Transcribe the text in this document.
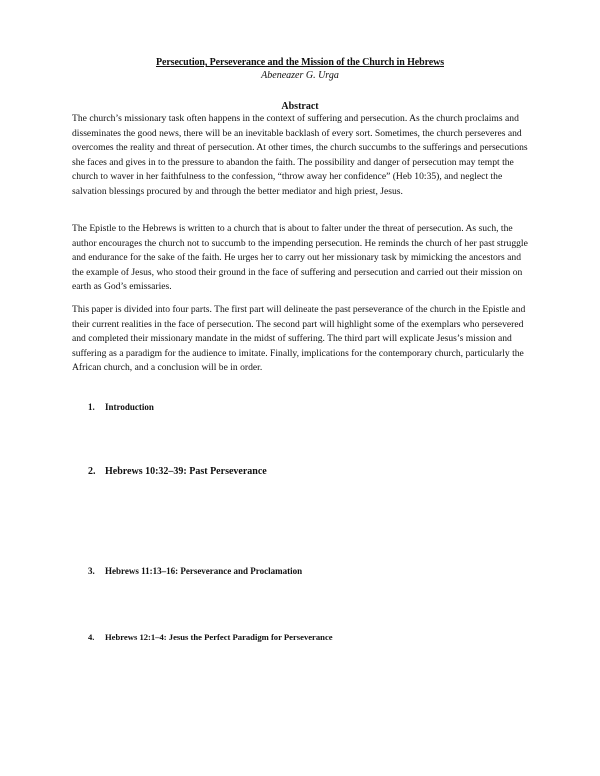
Persecution, Perseverance and the Mission of the Church in Hebrews
Abeneazer G. Urga
Abstract

The church’s missionary task often happens in the context of suffering and persecution. As the church proclaims and disseminates the good news, there will be an inevitable backlash of every sort. Sometimes, the church perseveres and overcomes the reality and threat of persecution. At other times, the church succumbs to the sufferings and persecutions she faces and gives in to the pressure to abandon the faith. The possibility and danger of persecution may tempt the church to waver in her faithfulness to the confession, “throw away her confidence” (Heb 10:35), and neglect the salvation blessings procured by and through the better mediator and high priest, Jesus.

The Epistle to the Hebrews is written to a church that is about to falter under the threat of persecution. As such, the author encourages the church not to succumb to the impending persecution. He reminds the church of her past struggle and endurance for the sake of the faith. He urges her to carry out her missionary task by mimicking the ancestors and the example of Jesus, who stood their ground in the face of suffering and persecution and carried out their mission on earth as God’s emissaries.

This paper is divided into four parts. The first part will delineate the past perseverance of the church in the Epistle and their current realities in the face of persecution. The second part will highlight some of the exemplars who persevered and completed their missionary mandate in the midst of suffering. The third part will explicate Jesus’s mission and suffering as a paradigm for the audience to imitate. Finally, implications for the contemporary church, particularly the African church, and a conclusion will be in order.

1. Introduction
2. Hebrews 10:32–39: Past Perseverance
3. Hebrews 11:13–16: Perseverance and Proclamation
4. Hebrews 12:1–4: Jesus the Perfect Paradigm for Perseverance
